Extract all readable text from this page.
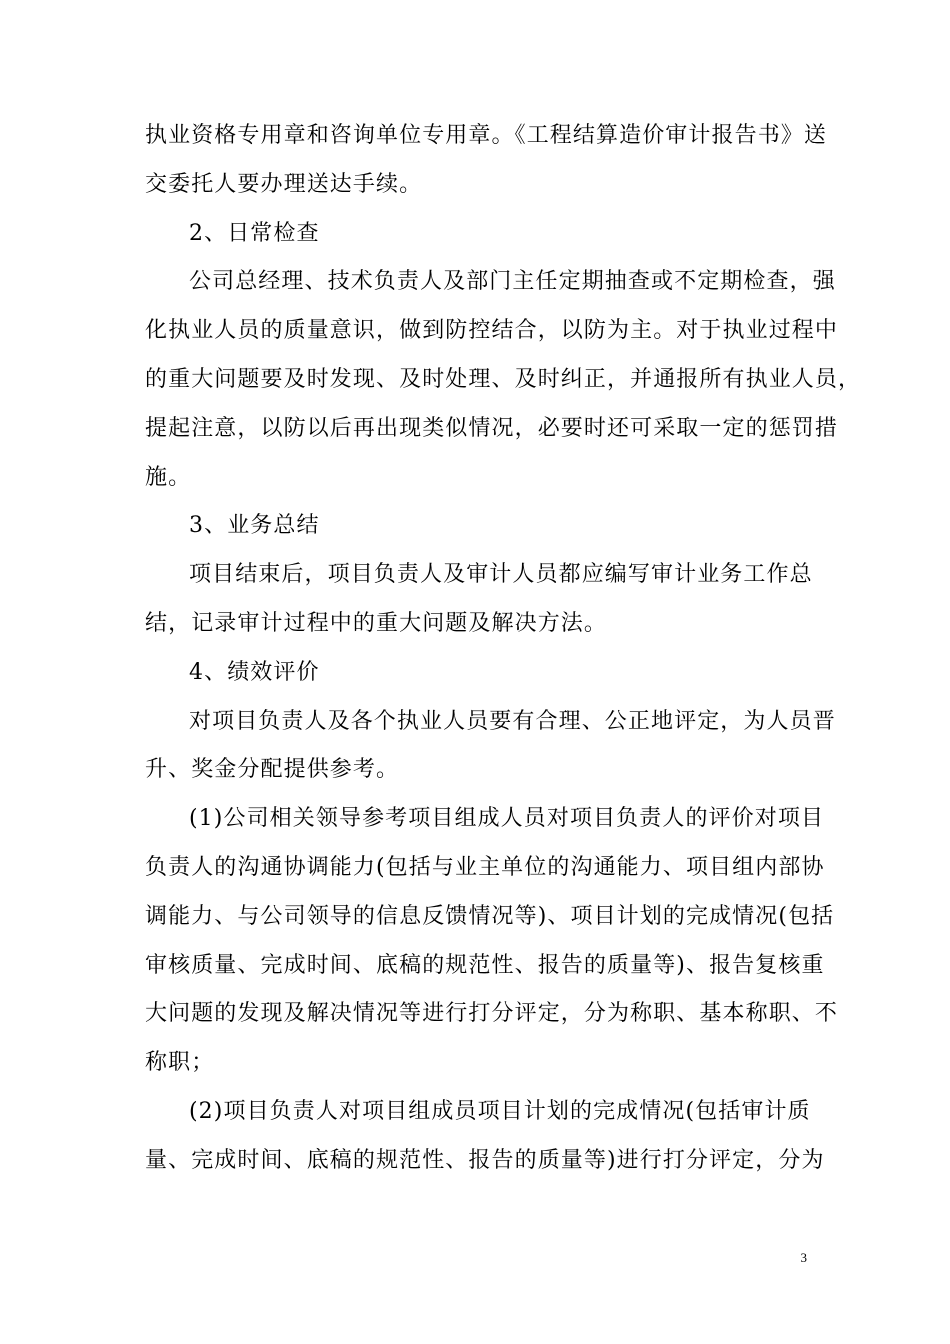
执业资格专用章和咨询单位专用章。《工程结算造价审计报告书》送
交委托人要办理送达手续。
2、日常检查
公司总经理、技术负责人及部门主任定期抽查或不定期检查，强
化执业人员的质量意识，做到防控结合，以防为主。对于执业过程中
的重大问题要及时发现、及时处理、及时纠正，并通报所有执业人员，
提起注意，以防以后再出现类似情况，必要时还可采取一定的惩罚措
施。
3、业务总结
项目结束后，项目负责人及审计人员都应编写审计业务工作总
结，记录审计过程中的重大问题及解决方法。
4、绩效评价
对项目负责人及各个执业人员要有合理、公正地评定，为人员晋
升、奖金分配提供参考。
(1)公司相关领导参考项目组成人员对项目负责人的评价对项目
负责人的沟通协调能力(包括与业主单位的沟通能力、项目组内部协
调能力、与公司领导的信息反馈情况等)、项目计划的完成情况(包括
审核质量、完成时间、底稿的规范性、报告的质量等)、报告复核重
大问题的发现及解决情况等进行打分评定，分为称职、基本称职、不
称职；
(2)项目负责人对项目组成员项目计划的完成情况(包括审计质
量、完成时间、底稿的规范性、报告的质量等)进行打分评定，分为
3
